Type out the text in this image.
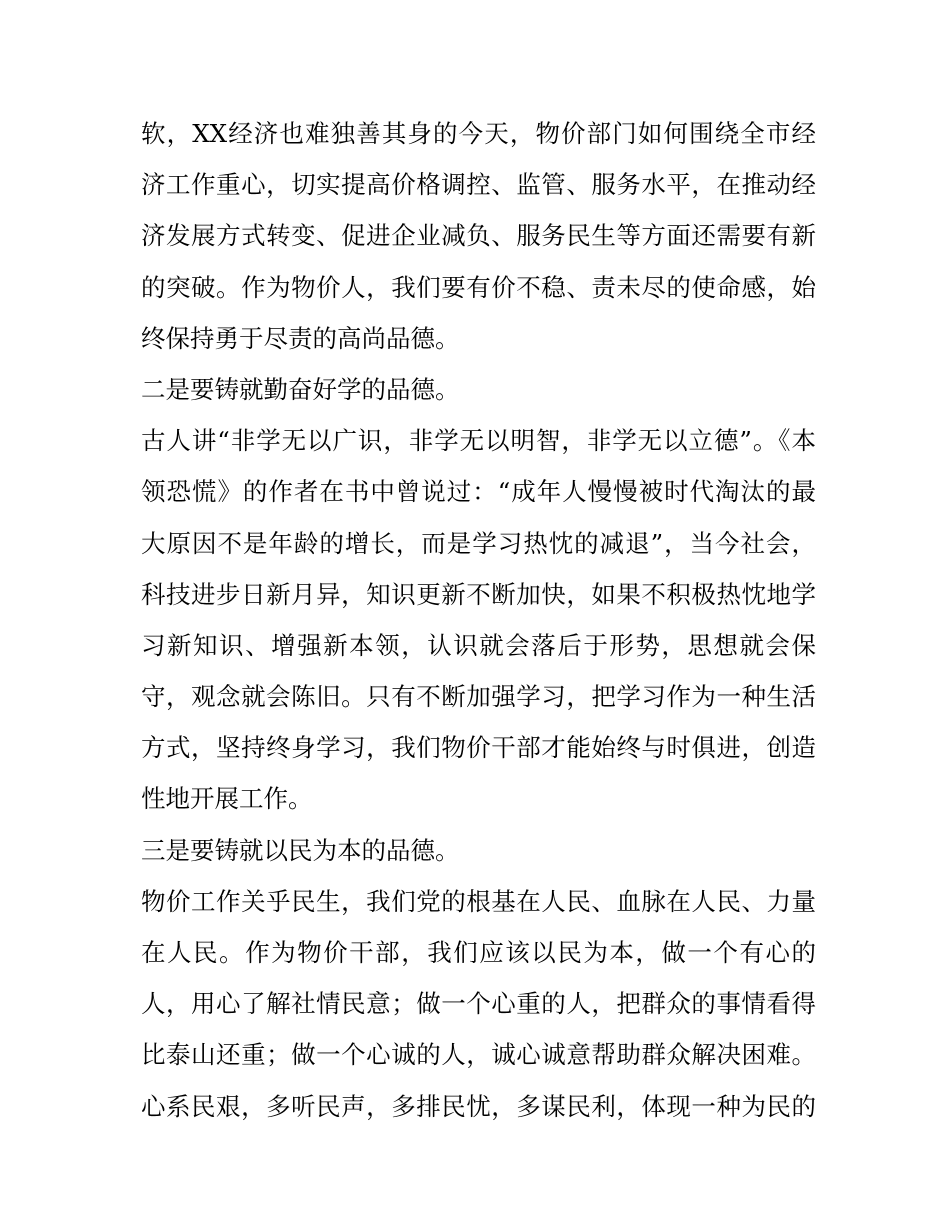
软，XX经济也难独善其身的今天，物价部门如何围绕全市经
济工作重心，切实提高价格调控、监管、服务水平，在推动经
济发展方式转变、促进企业减负、服务民生等方面还需要有新
的突破。作为物价人，我们要有价不稳、责未尽的使命感，始
终保持勇于尽责的高尚品德。
二是要铸就勤奋好学的品德。
古人讲“非学无以广识，非学无以明智，非学无以立德”。《本
领恐慌》的作者在书中曾说过：“成年人慢慢被时代淘汰的最
大原因不是年龄的增长，而是学习热忱的减退”，当今社会，
科技进步日新月异，知识更新不断加快，如果不积极热忱地学
习新知识、增强新本领，认识就会落后于形势，思想就会保
守，观念就会陈旧。只有不断加强学习，把学习作为一种生活
方式，坚持终身学习，我们物价干部才能始终与时俱进，创造
性地开展工作。
三是要铸就以民为本的品德。
物价工作关乎民生，我们党的根基在人民、血脉在人民、力量
在人民。作为物价干部，我们应该以民为本，做一个有心的
人，用心了解社情民意；做一个心重的人，把群众的事情看得
比泰山还重；做一个心诚的人，诚心诚意帮助群众解决困难。
心系民艰，多听民声，多排民忧，多谋民利，体现一种为民的
